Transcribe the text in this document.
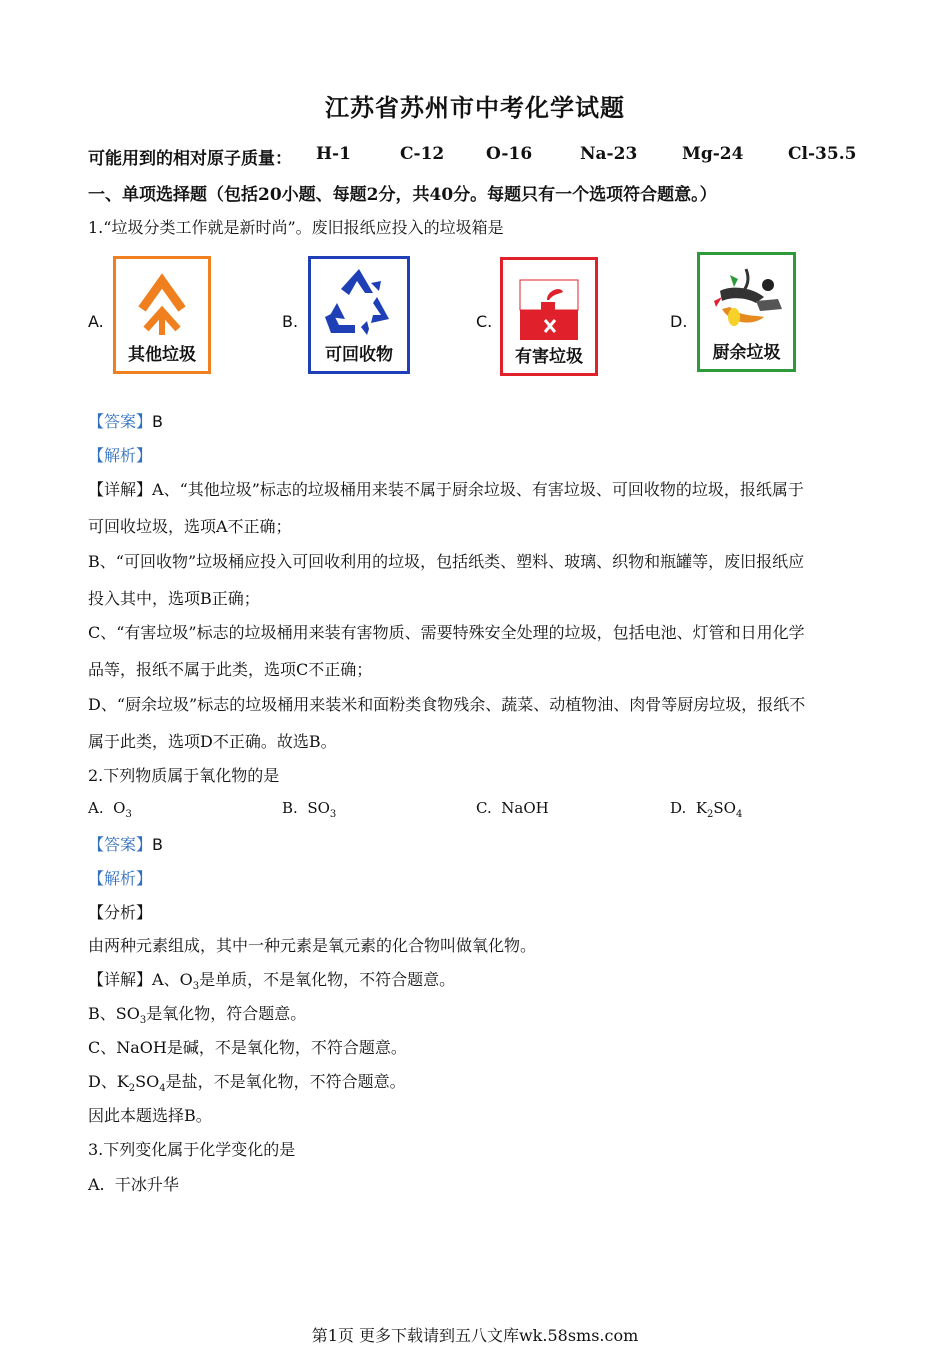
江苏省苏州市中考化学试题
可能用到的相对原子质量： H-1	C-12 O-16	Na-23	Mg-24	Cl-35.5
一、单项选择题（包括20小题、每题2分，共40分。每题只有一个选项符合题意。）
1.“垃圾分类工作就是新时尚”。废旧报纸应投入的垃圾箱是
A.
其他垃圾
B.
可回收物
C.
有害垃圾
D.
厨余垃圾
【答案】B
【解析】
【详解】A、“其他垃圾”标志的垃圾桶用来装不属于厨余垃圾、有害垃圾、可回收物的垃圾，报纸属于
可回收垃圾，选项A不正确；
B、“可回收物”垃圾桶应投入可回收利用的垃圾，包括纸类、塑料、玻璃、织物和瓶罐等，废旧报纸应
投入其中，选项B正确；
C、“有害垃圾”标志的垃圾桶用来装有害物质、需要特殊安全处理的垃圾，包括电池、灯管和日用化学
品等，报纸不属于此类，选项C不正确；
D、“厨余垃圾”标志的垃圾桶用来装米和面粉类食物残余、蔬菜、动植物油、肉骨等厨房垃圾，报纸不
属于此类，选项D不正确。故选B。
2.下列物质属于氧化物的是
A. $O_3$	B. $SO_3$	C. NaOH	D. $K_2SO_4$
【答案】B
【解析】
【分析】
由两种元素组成，其中一种元素是氧元素的化合物叫做氧化物。
【详解】A、$O_3$是单质，不是氧化物，不符合题意。
B、$SO_3$是氧化物，符合题意。
C、NaOH是碱，不是氧化物，不符合题意。
D、$K_2SO_4$是盐，不是氧化物，不符合题意。
因此本题选择B。
3.下列变化属于化学变化的是
A. 干冰升华
第1页 更多下载请到五八文库wk.58sms.com
